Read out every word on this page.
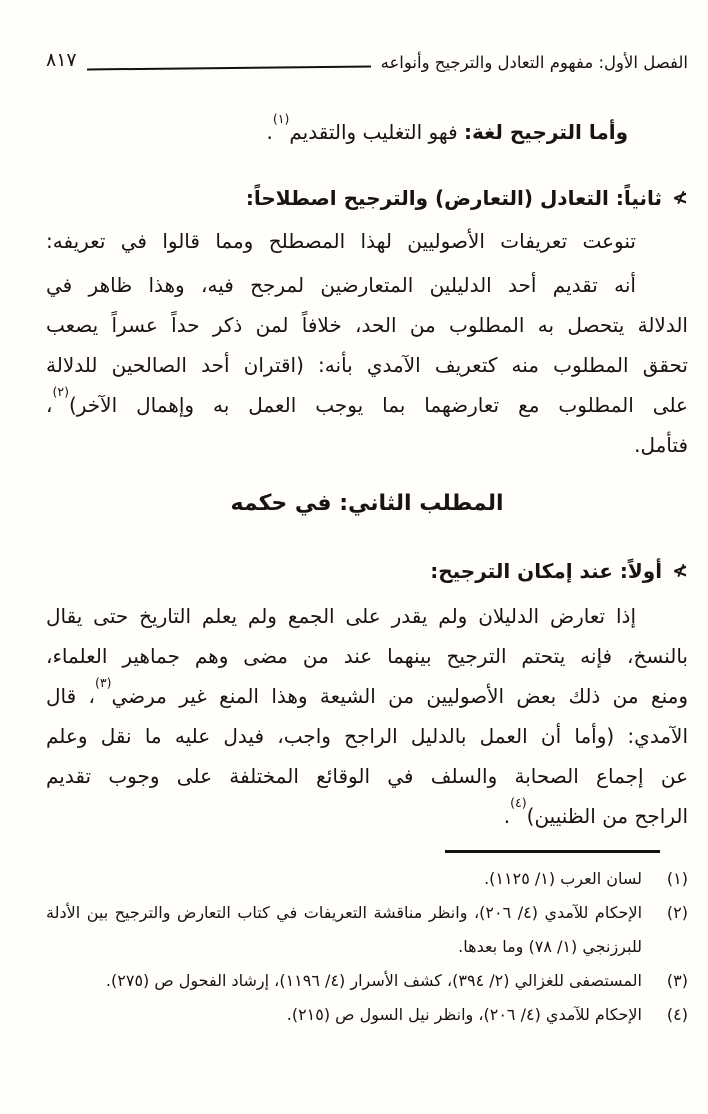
الفصل الأول: مفهوم التعادل والترجيح وأنواعه
٨١٧

وأما الترجيح لغة: فهو التغليب والتقديم$^{(١)}$.

≮
ثانياً: التعادل (التعارض) والترجيح اصطلاحاً:

تنوعت تعريفات الأصوليين لهذا المصطلح ومما قالوا في تعريفه:

أنه تقديم أحد الدليلين المتعارضين لمرجح فيه، وهذا ظاهر في

الدلالة يتحصل به المطلوب من الحد، خلافاً لمن ذكر حداً عسراً يصعب

تحقق المطلوب منه كتعريف الآمدي بأنه: (اقتران أحد الصالحين للدلالة

على المطلوب مع تعارضهما بما يوجب العمل به وإهمال الآخر)$^{(٢)}$،

فتأمل.

المطلب الثاني: في حكمه
≮
أولاً: عند إمكان الترجيح:

إذا تعارض الدليلان ولم يقدر على الجمع ولم يعلم التاريخ حتى يقال

بالنسخ، فإنه يتحتم الترجيح بينهما عند من مضى وهم جماهير العلماء،

ومنع من ذلك بعض الأصوليين من الشيعة وهذا المنع غير مرضي$^{(٣)}$، قال

الآمدي: (وأما أن العمل بالدليل الراجح واجب، فيدل عليه ما نقل وعلم

عن إجماع الصحابة والسلف في الوقائع المختلفة على وجوب تقديم

الراجح من الظنيين)$^{(٤)}$.

(١)
لسان العرب (١/ ١١٢٥).
(٢)
الإحكام للآمدي (٤/ ٢٠٦)، وانظر مناقشة التعريفات في كتاب التعارض والترجيح بين الأدلة للبرزنجي (١/ ٧٨) وما بعدها.
(٣)
المستصفى للغزالي (٢/ ٣٩٤)، كشف الأسرار (٤/ ١١٩٦)، إرشاد الفحول ص (٢٧٥).
(٤)
الإحكام للآمدي (٤/ ٢٠٦)، وانظر نيل السول ص (٢١٥).
